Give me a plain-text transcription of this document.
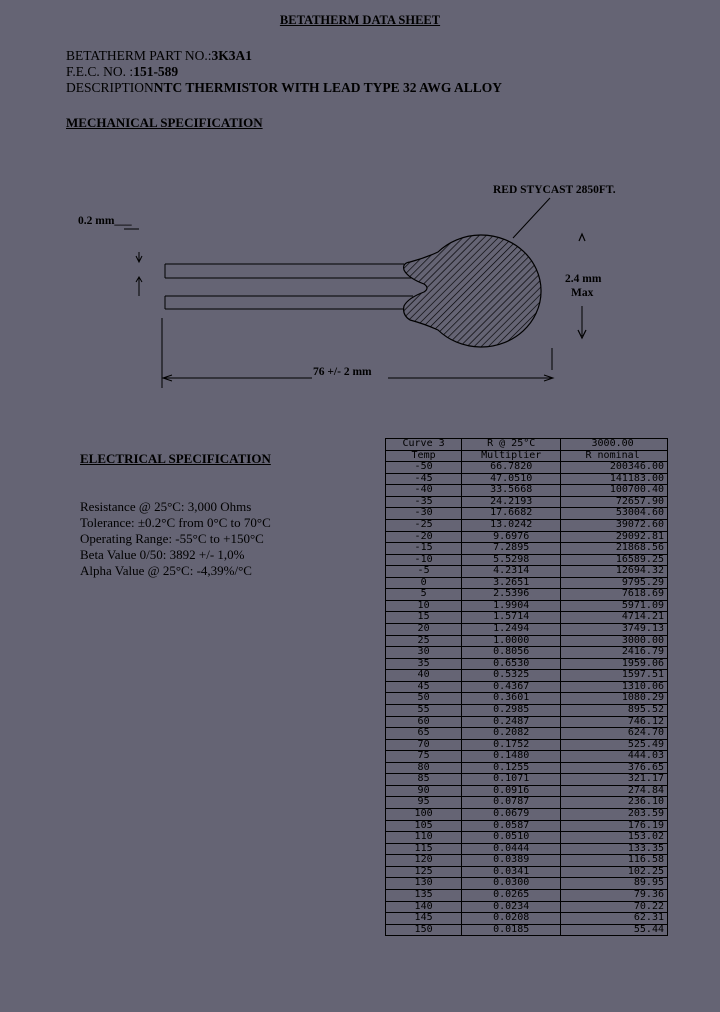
BETATHERM DATA SHEET
BETATHERM PART NO.:3K3A1
F.E.C. NO. :151-589
DESCRIPTIONNTC THERMISTOR WITH LEAD TYPE 32 AWG ALLOY
MECHANICAL SPECIFICATION
RED STYCAST 2850FT.
0.2 mm___
2.4 mm
Max
76 +/- 2 mm
ELECTRICAL SPECIFICATION
Resistance @ 25°C: 3,000 Ohms
Tolerance: ±0.2°C from 0°C to 70°C
Operating Range: -55°C to +150°C
Beta Value 0/50: 3892 +/- 1,0%
Alpha Value @ 25°C: -4,39%/°C
Curve 3	R @ 25°C	3000.00
Temp	Multiplier	R nominal
-50	66.7820	200346.00
-45	47.0510	141183.00
-40	33.5668	100700.40
-35	24.2193	72657.90
-30	17.6682	53004.60
-25	13.0242	39072.60
-20	9.6976	29092.81
-15	7.2895	21868.56
-10	5.5298	16589.25
-5	4.2314	12694.32
0	3.2651	9795.29
5	2.5396	7618.69
10	1.9904	5971.09
15	1.5714	4714.21
20	1.2494	3749.13
25	1.0000	3000.00
30	0.8056	2416.79
35	0.6530	1959.06
40	0.5325	1597.51
45	0.4367	1310.06
50	0.3601	1080.29
55	0.2985	895.52
60	0.2487	746.12
65	0.2082	624.70
70	0.1752	525.49
75	0.1480	444.03
80	0.1255	376.65
85	0.1071	321.17
90	0.0916	274.84
95	0.0787	236.10
100	0.0679	203.59
105	0.0587	176.19
110	0.0510	153.02
115	0.0444	133.35
120	0.0389	116.58
125	0.0341	102.25
130	0.0300	89.95
135	0.0265	79.36
140	0.0234	70.22
145	0.0208	62.31
150	0.0185	55.44
